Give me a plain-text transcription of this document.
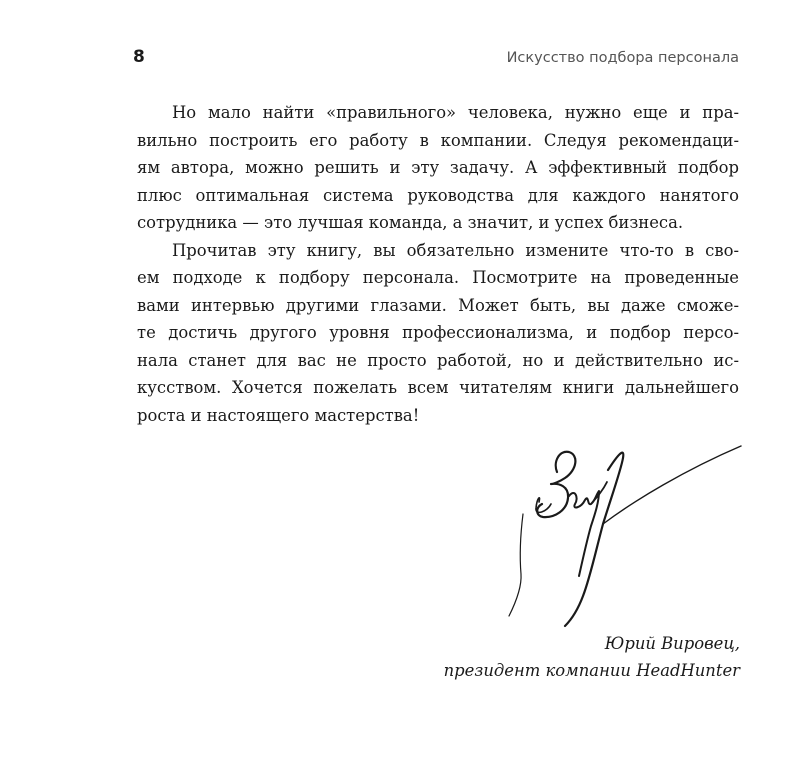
8	Искусство подбора персонала
Но мало найти «правильного» человека, нужно еще и пра-
вильно построить его работу в компании. Следуя рекомендаци-
ям автора, можно решить и эту задачу. А эффективный подбор
плюс оптимальная система руководства для каждого нанятого
сотрудника — это лучшая команда, а значит, и успех бизнеса.
Прочитав эту книгу, вы обязательно измените что-то в сво-
ем подходе к подбору персонала. Посмотрите на проведенные
вами интервью другими глазами. Может быть, вы даже сможе-
те достичь другого уровня профессионализма, и подбор персо-
нала станет для вас не просто работой, но и действительно ис-
кусством. Хочется пожелать всем читателям книги дальнейшего
роста и настоящего мастерства!
Юрий Вировец,
президент компании HeadHunter
